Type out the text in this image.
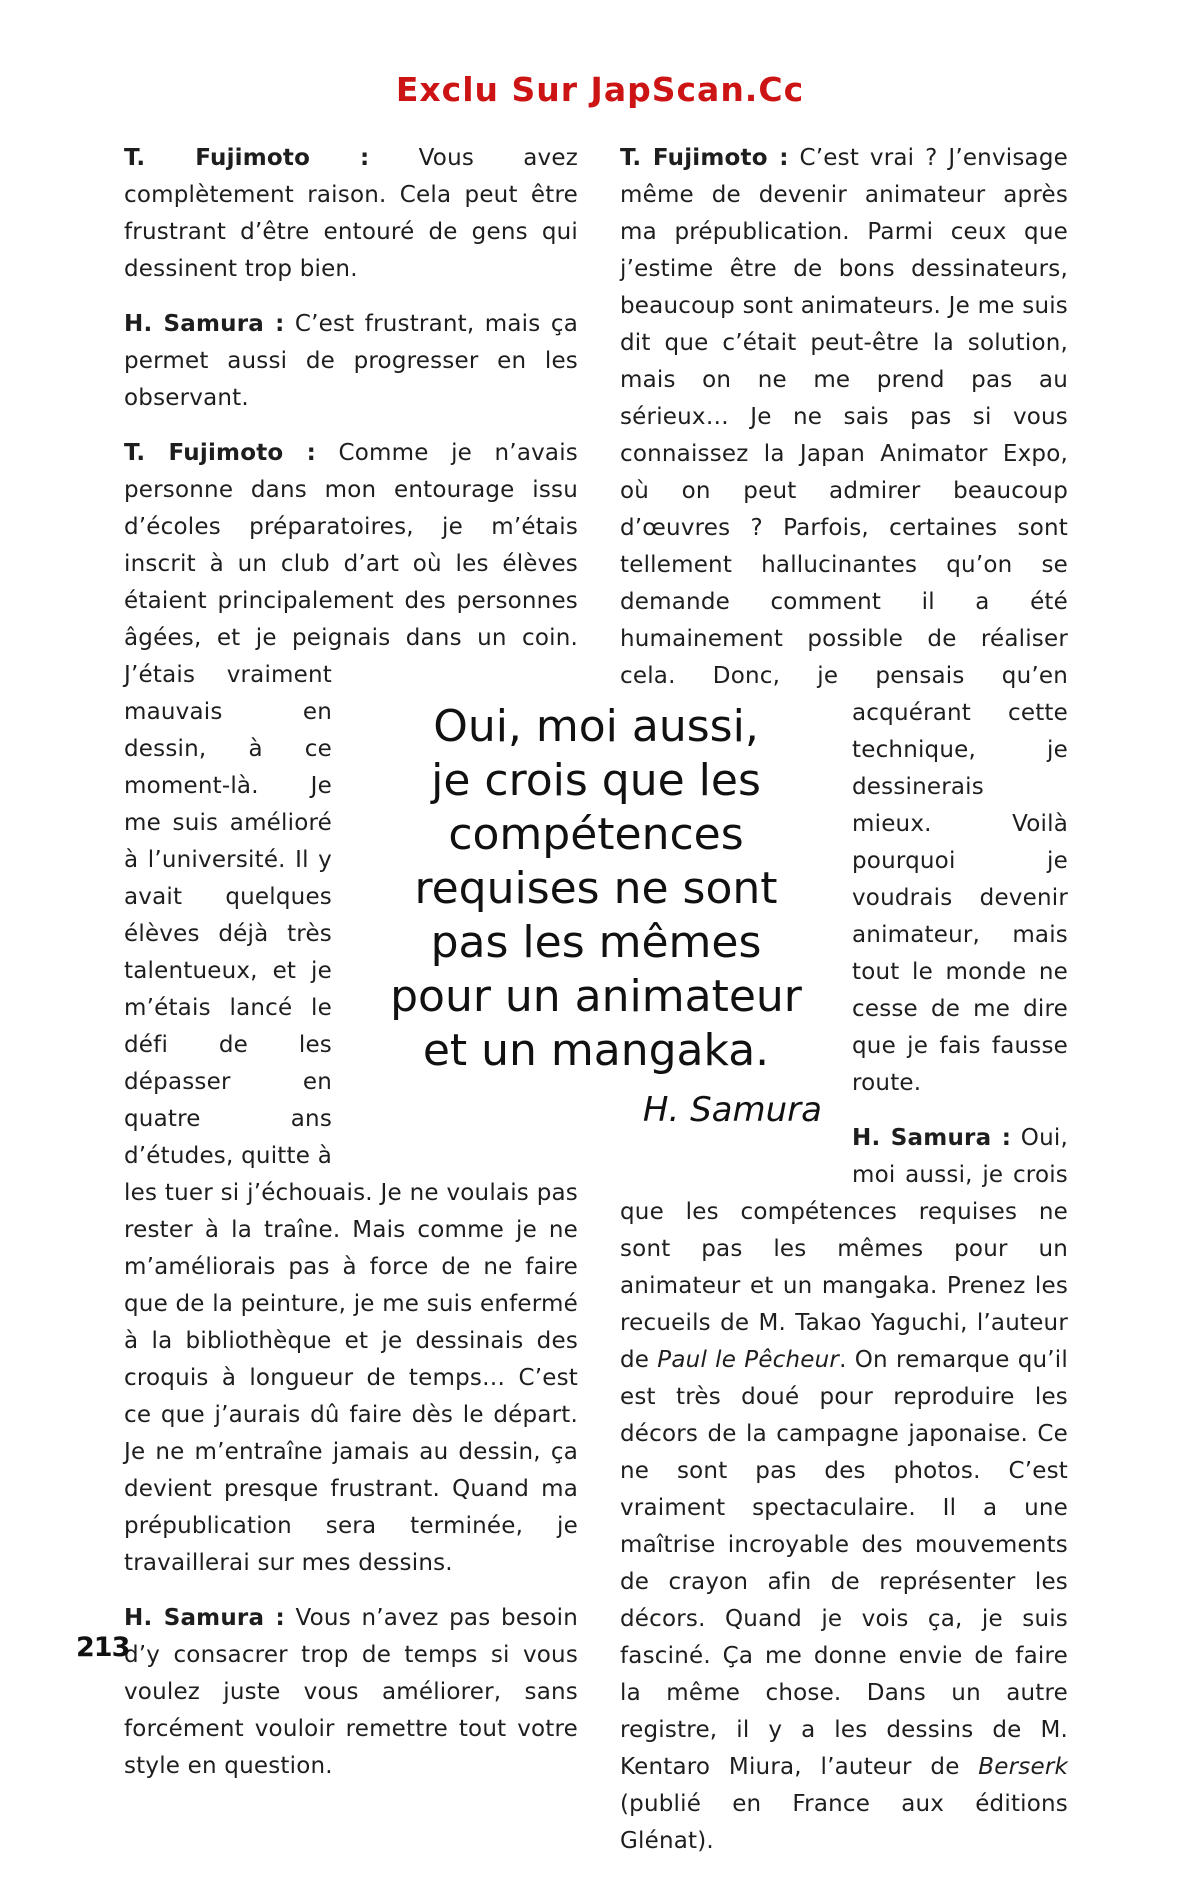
Exclu Sur JapScan.Cc

T. Fujimoto : Vous avez complètement raison. Cela peut être frustrant d’être entouré de gens qui dessinent trop bien.

H. Samura : C’est frustrant, mais ça permet aussi de progresser en les observant.

T. Fujimoto : Comme je n’avais personne dans mon entourage issu d’écoles préparatoires, je m’étais inscrit à un club d’art où les élèves étaient principalement des personnes âgées, et je peignais dans un coin. J’étais vraiment mauvais en dessin, à ce moment-là. Je me suis amélioré à l’université. Il y avait quelques élèves déjà très talentueux, et je m’étais lancé le défi de les dépasser en quatre ans d’études, quitte à les tuer si j’échouais. Je ne voulais pas rester à la traîne. Mais comme je ne m’améliorais pas à force de ne faire que de la peinture, je me suis enfermé à la bibliothèque et je dessinais des croquis à longueur de temps… C’est ce que j’aurais dû faire dès le départ. Je ne m’entraîne jamais au dessin, ça devient presque frustrant. Quand ma prépublication sera terminée, je travaillerai sur mes dessins.

H. Samura : Vous n’avez pas besoin d’y consacrer trop de temps si vous voulez juste vous améliorer, sans forcément vouloir remettre tout votre style en question.

T. Fujimoto : C’est vrai ? J’envisage même de devenir animateur après ma prépublication. Parmi ceux que j’estime être de bons dessinateurs, beaucoup sont animateurs. Je me suis dit que c’était peut-être la solution, mais on ne me prend pas au sérieux… Je ne sais pas si vous connaissez la Japan Animator Expo, où on peut admirer beaucoup d’œuvres ? Parfois, certaines sont tellement hallucinantes qu’on se demande comment il a été humainement possible de réaliser cela. Donc, je pensais qu’en acquérant cette technique, je dessinerais mieux. Voilà pourquoi je voudrais devenir animateur, mais tout le monde ne cesse de me dire que je fais fausse route.

H. Samura : Oui, moi aussi, je crois que les compétences requises ne sont pas les mêmes pour un animateur et un mangaka. Prenez les recueils de M. Takao Yaguchi, l’auteur de Paul le Pêcheur. On remarque qu’il est très doué pour reproduire les décors de la campagne japonaise. Ce ne sont pas des photos. C’est vraiment spectaculaire. Il a une maîtrise incroyable des mouvements de crayon afin de représenter les décors. Quand je vois ça, je suis fasciné. Ça me donne envie de faire la même chose. Dans un autre registre, il y a les dessins de M. Kentaro Miura, l’auteur de Berserk (publié en France aux éditions Glénat).

Oui, moi aussi,
je crois que les
compétences
requises ne sont
pas les mêmes
pour un animateur
et un mangaka.
H. Samura
213
